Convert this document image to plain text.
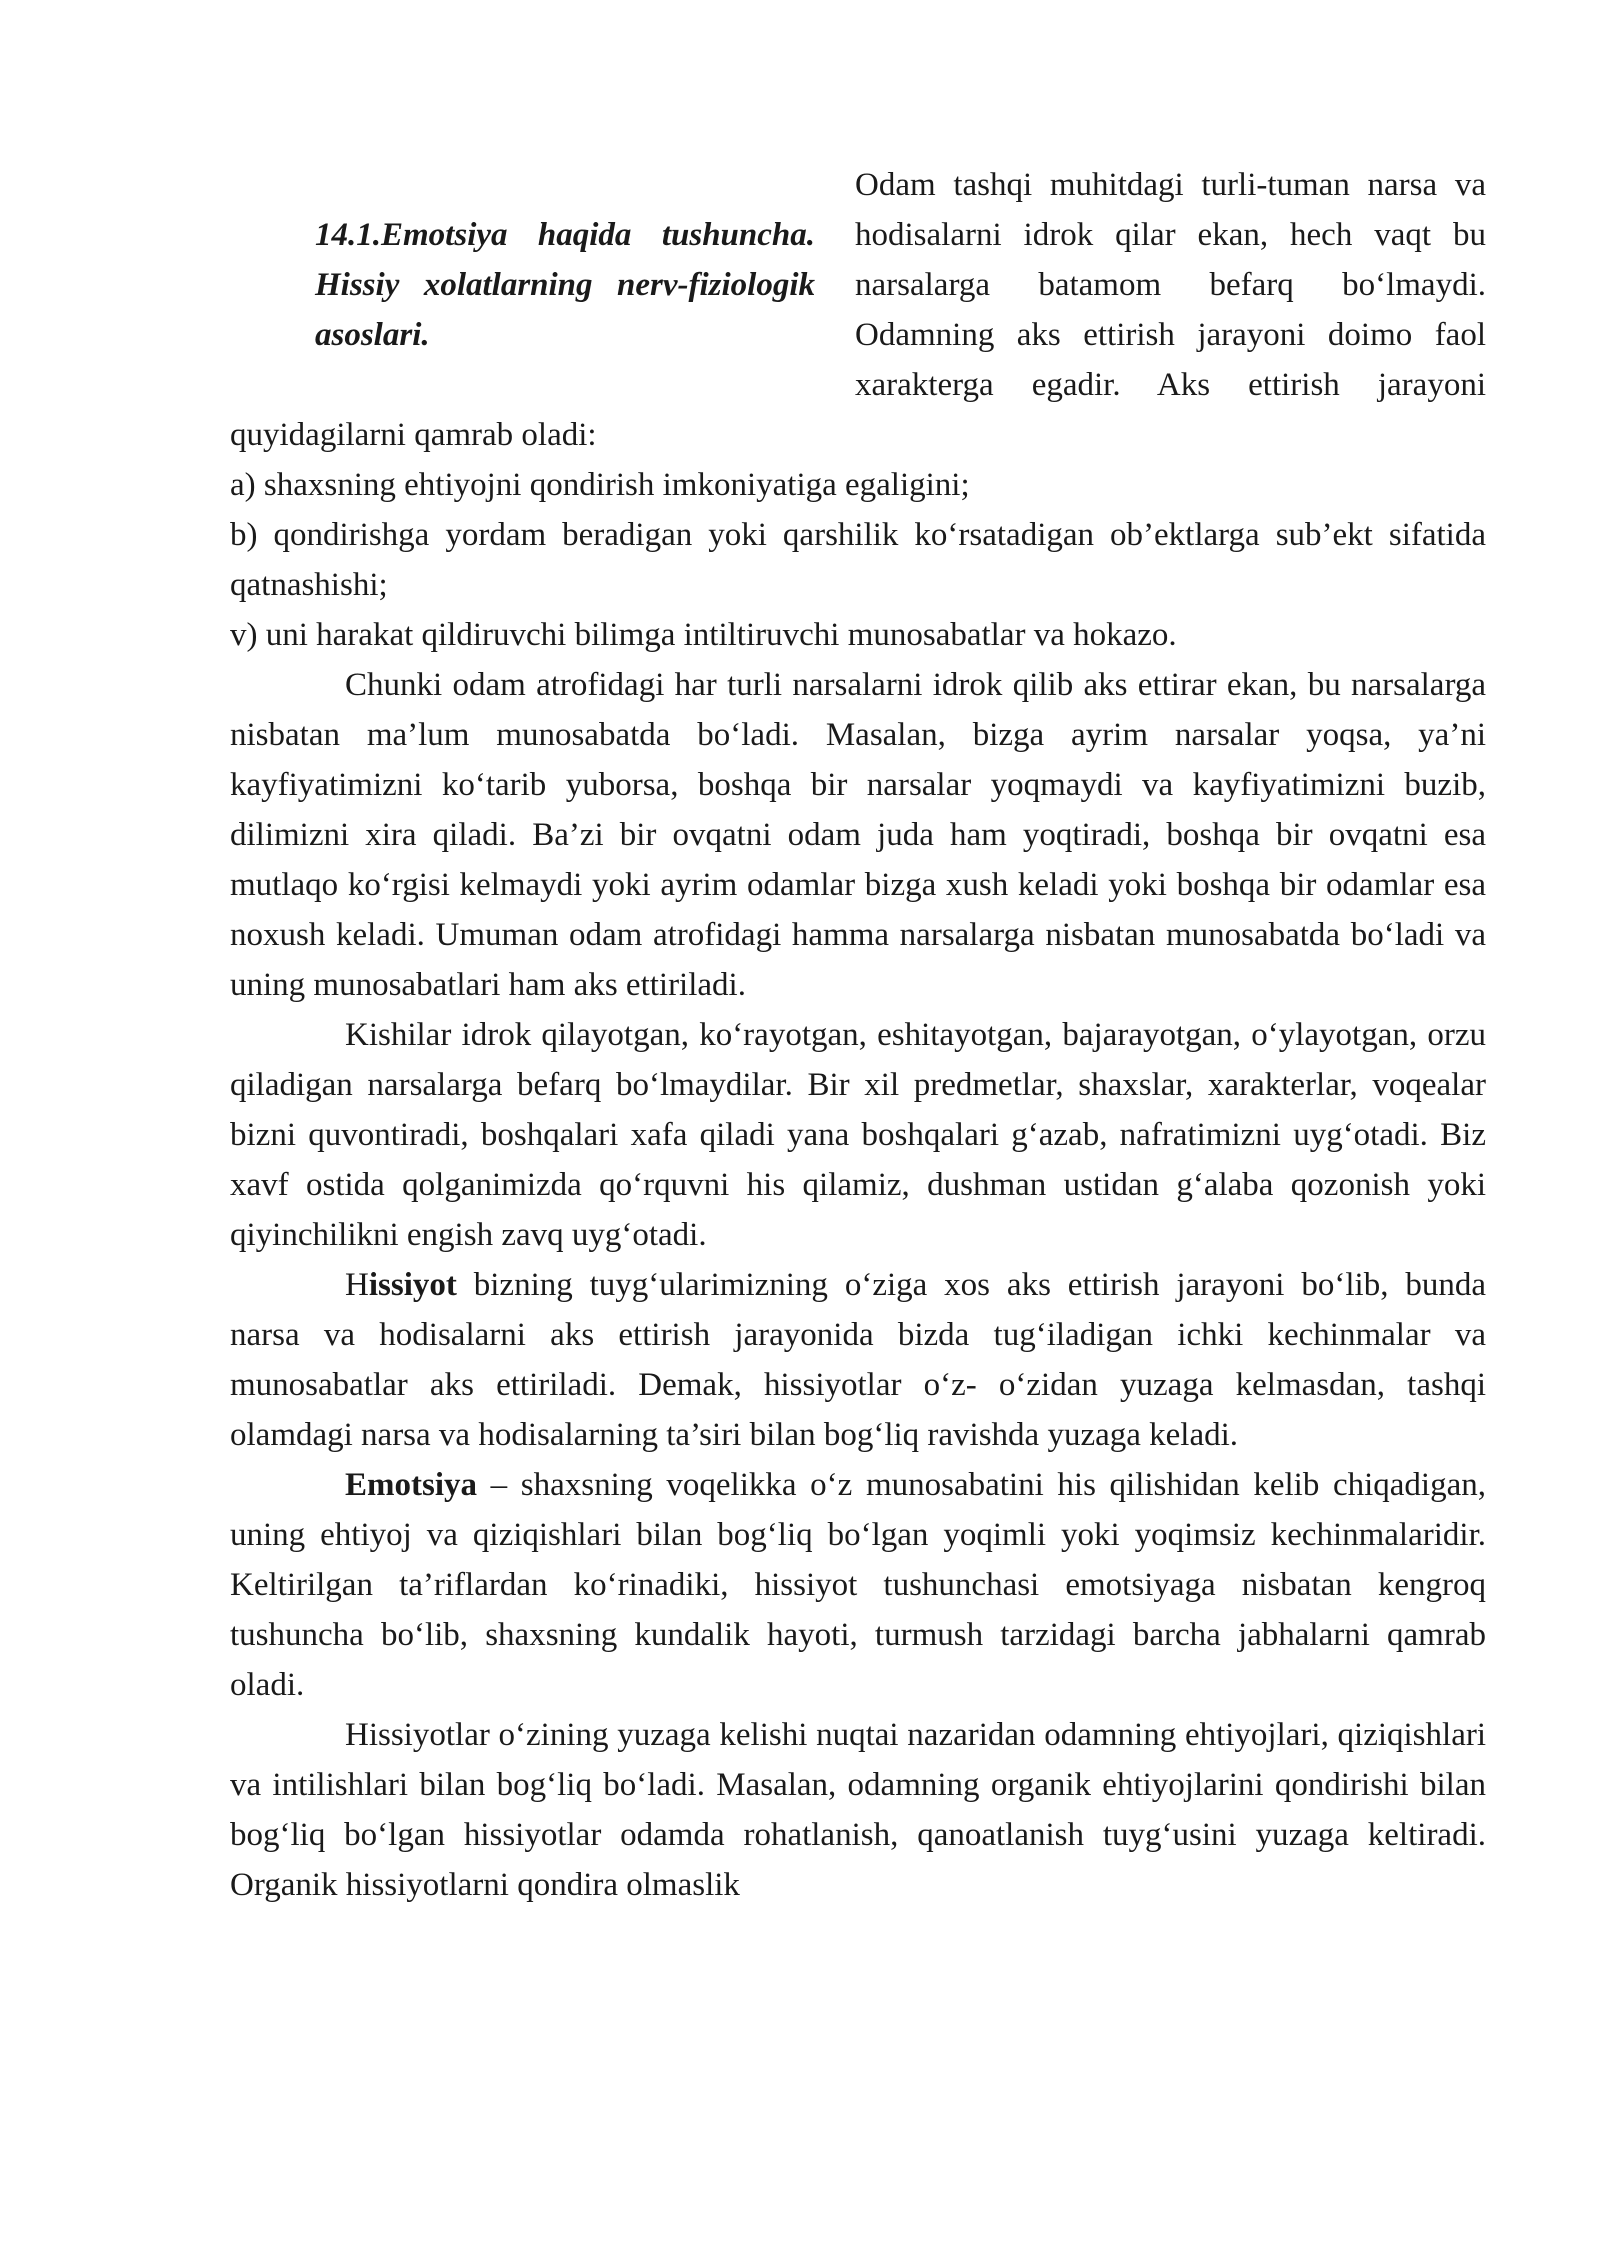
14.1.Emotsiya haqida tushuncha. Hissiy xolatlarning nerv-fiziologik asoslari.
Odam tashqi muhitdagi turli-tuman narsa va hodisalarni idrok qilar ekan, hech vaqt bu narsalarga batamom befarq bo‘lmaydi. Odamning aks ettirish jarayoni doimo faol xarakterga egadir. Aks ettirish jarayoni

quyidagilarni qamrab oladi:

a) shaxsning ehtiyojni qondirish imkoniyatiga egaligini;

b) qondirishga yordam beradigan yoki qarshilik ko‘rsatadigan ob’ektlarga sub’ekt sifatida qatnashishi;

v) uni harakat qildiruvchi bilimga intiltiruvchi munosabatlar va hokazo.

Chunki odam atrofidagi har turli narsalarni idrok qilib aks ettirar ekan, bu narsalarga nisbatan ma’lum munosabatda bo‘ladi. Masalan, bizga ayrim narsalar yoqsa, ya’ni kayfiyatimizni ko‘tarib yuborsa, boshqa bir narsalar yoqmaydi va kayfiyatimizni buzib, dilimizni xira qiladi. Ba’zi bir ovqatni odam juda ham yoqtiradi, boshqa bir ovqatni esa mutlaqo ko‘rgisi kelmaydi yoki ayrim odamlar bizga xush keladi yoki boshqa bir odamlar esa noxush keladi. Umuman odam atrofidagi hamma narsalarga nisbatan munosabatda bo‘ladi va uning munosabatlari ham aks ettiriladi.

Kishilar idrok qilayotgan, ko‘rayotgan, eshitayotgan, bajarayotgan, o‘ylayotgan, orzu qiladigan narsalarga befarq bo‘lmaydilar. Bir xil predmetlar, shaxslar, xarakterlar, voqealar bizni quvontiradi, boshqalari xafa qiladi yana boshqalari g‘azab, nafratimizni uyg‘otadi. Biz xavf ostida qolganimizda qo‘rquvni his qilamiz, dushman ustidan g‘alaba qozonish yoki qiyinchilikni engish zavq uyg‘otadi.

Hissiyot bizning tuyg‘ularimizning o‘ziga xos aks ettirish jarayoni bo‘lib, bunda narsa va hodisalarni aks ettirish jarayonida bizda tug‘iladigan ichki kechinmalar va munosabatlar aks ettiriladi. Demak, hissiyotlar o‘z- o‘zidan yuzaga kelmasdan, tashqi olamdagi narsa va hodisalarning ta’siri bilan bog‘liq ravishda yuzaga keladi.

Emotsiya – shaxsning voqelikka o‘z munosabatini his qilishidan kelib chiqadigan, uning ehtiyoj va qiziqishlari bilan bog‘liq bo‘lgan yoqimli yoki yoqimsiz kechinmalaridir. Keltirilgan ta’riflardan ko‘rinadiki, hissiyot tushunchasi emotsiyaga nisbatan kengroq tushuncha bo‘lib, shaxsning kundalik hayoti, turmush tarzidagi barcha jabhalarni qamrab oladi.

Hissiyotlar o‘zining yuzaga kelishi nuqtai nazaridan odamning ehtiyojlari, qiziqishlari va intilishlari bilan bog‘liq bo‘ladi. Masalan, odamning organik ehtiyojlarini qondirishi bilan bog‘liq bo‘lgan hissiyotlar odamda rohatlanish, qanoatlanish tuyg‘usini yuzaga keltiradi. Organik hissiyotlarni qondira olmaslik
